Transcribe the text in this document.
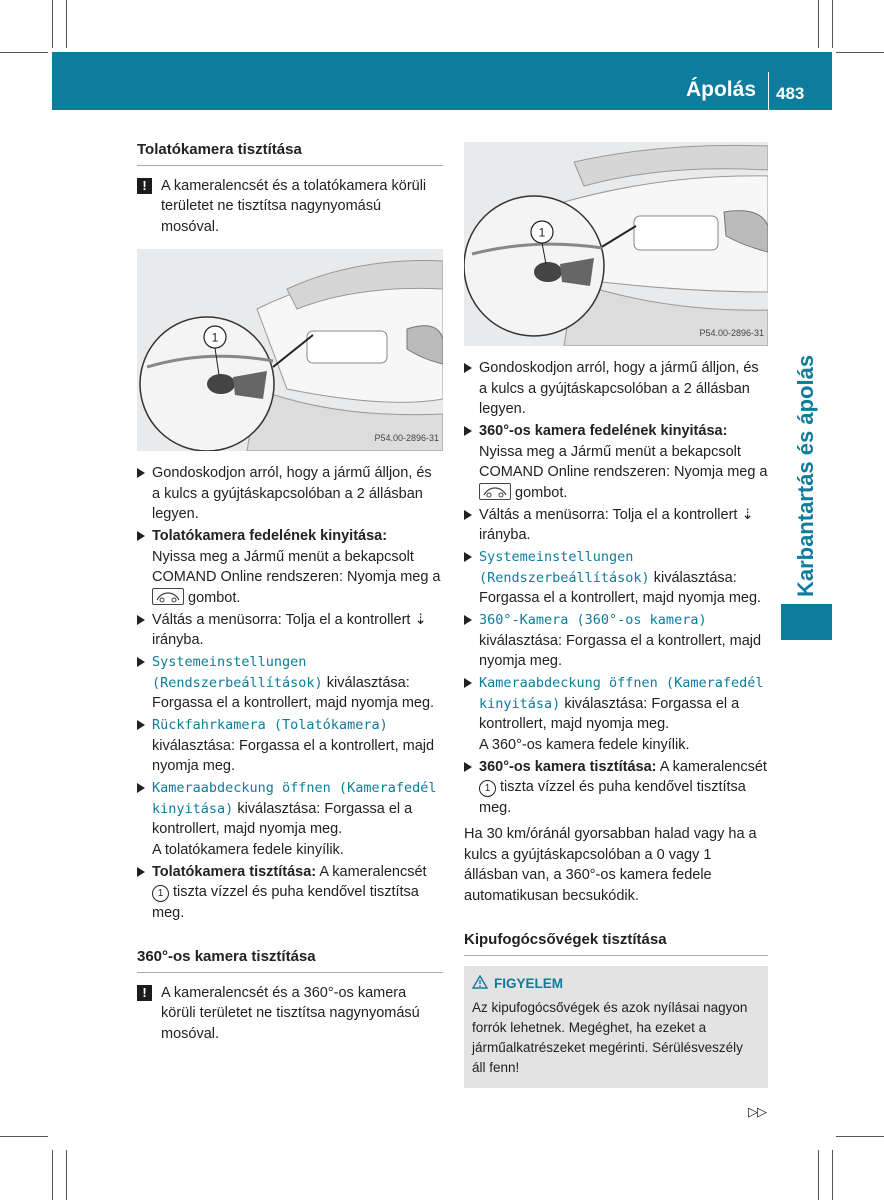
Ápolás 483
Karbantartás és ápolás
Tolatókamera tisztítása
! A kameralencsét és a tolatókamera körüli területet ne tisztítsa nagynyomású mosóval.
1
P54.00-2896-31
Gondoskodjon arról, hogy a jármű álljon, és a kulcs a gyújtáskapcsolóban a 2 állásban legyen.
Tolatókamera fedelének kinyitása:
Nyissa meg a Jármű menüt a bekapcsolt COMAND Online rendszeren: Nyomja meg a  gombot.
Váltás a menüsorra: Tolja el a kontrollert ⇣ irányba.
Systemeinstellungen (Rendszerbeállítások) kiválasztása: Forgassa el a kontrollert, majd nyomja meg.
Rückfahrkamera (Tolatókamera) kiválasztása: Forgassa el a kontrollert, majd nyomja meg.
Kameraabdeckung öffnen (Kamerafedél kinyitása) kiválasztása: Forgassa el a kontrollert, majd nyomja meg.
A tolatókamera fedele kinyílik.
Tolatókamera tisztítása: A kameralencsét 1 tiszta vízzel és puha kendővel tisztítsa meg.
360°-os kamera tisztítása
! A kameralencsét és a 360°-os kamera körüli területet ne tisztítsa nagynyomású mosóval.
1
P54.00-2896-31
Gondoskodjon arról, hogy a jármű álljon, és a kulcs a gyújtáskapcsolóban a 2 állásban legyen.
360°-os kamera fedelének kinyitása:
Nyissa meg a Jármű menüt a bekapcsolt COMAND Online rendszeren: Nyomja meg a  gombot.
Váltás a menüsorra: Tolja el a kontrollert ⇣ irányba.
Systemeinstellungen (Rendszerbeállítások) kiválasztása: Forgassa el a kontrollert, majd nyomja meg.
360°-Kamera (360°-os kamera) kiválasztása: Forgassa el a kontrollert, majd nyomja meg.
Kameraabdeckung öffnen (Kamerafedél kinyitása) kiválasztása: Forgassa el a kontrollert, majd nyomja meg.
A 360°-os kamera fedele kinyílik.
360°-os kamera tisztítása: A kameralencsét 1 tiszta vízzel és puha kendővel tisztítsa meg.
Ha 30 km/óránál gyorsabban halad vagy ha a kulcs a gyújtáskapcsolóban a 0 vagy 1 állásban van, a 360°-os kamera fedele automatikusan becsukódik.
Kipufogócsővégek tisztítása
FIGYELEM
Az kipufogócsővégek és azok nyílásai nagyon forrók lehetnek. Megéghet, ha ezeket a járműalkatrészeket megérinti. Sérülésveszély áll fenn!
▷▷
